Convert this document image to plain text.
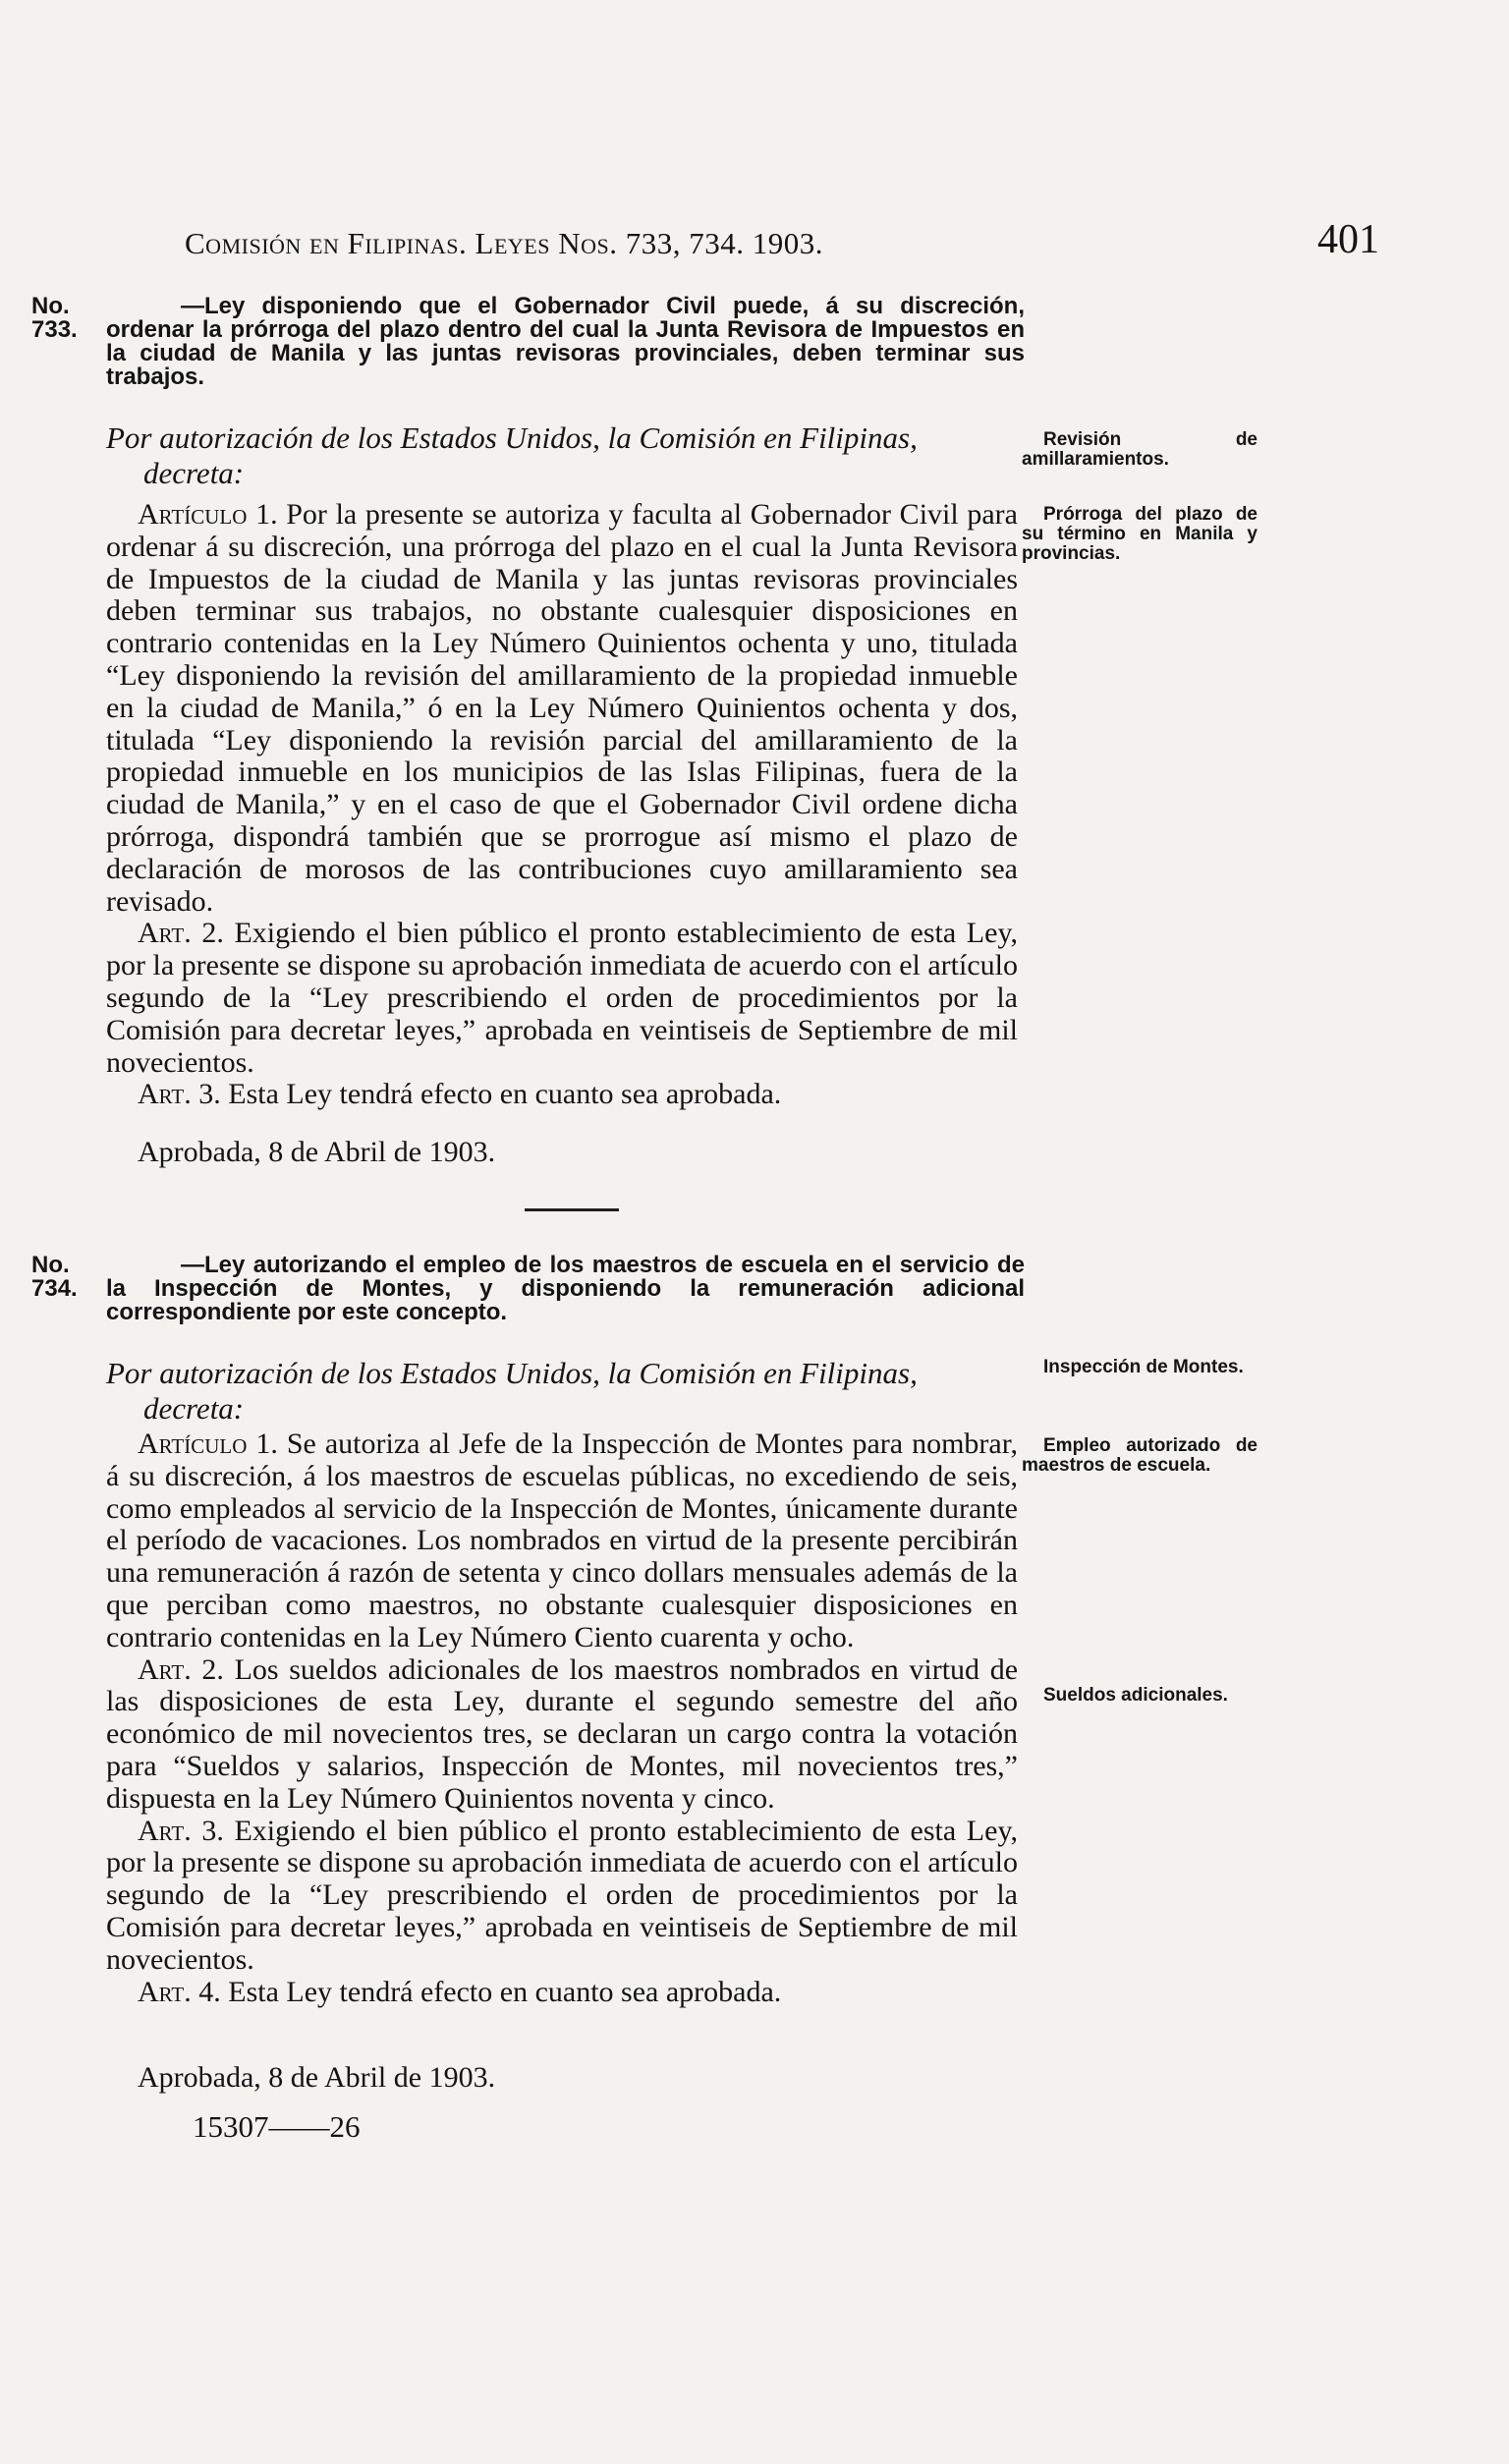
Comisión en Filipinas. Leyes Nos. 733, 734. 1903.	401
No. 733.
—Ley disponiendo que el Gobernador Civil puede, á su discreción, ordenar la prórroga del plazo dentro del cual la Junta Revisora de Impuestos en la ciudad de Manila y las juntas revisoras provinciales, deben terminar sus trabajos.
Por autorización de los Estados Unidos, la Comisión en Filipinas,
decreta:
Revisión de amillaramientos.
Prórroga del plazo de su término en Manila y provincias.

Artículo 1. Por la presente se autoriza y faculta al Gobernador Civil para ordenar á su discreción, una prórroga del plazo en el cual la Junta Revisora de Impuestos de la ciudad de Manila y las juntas revisoras provinciales deben terminar sus trabajos, no obstante cualesquier disposiciones en contrario contenidas en la Ley Número Quinientos ochenta y uno, titulada “Ley disponiendo la revisión del amillaramiento de la propiedad inmueble en la ciudad de Manila,” ó en la Ley Número Quinientos ochenta y dos, titulada “Ley disponiendo la revisión parcial del amillaramiento de la propiedad inmueble en los municipios de las Islas Filipinas, fuera de la ciudad de Manila,” y en el caso de que el Gobernador Civil ordene dicha prórroga, dispondrá también que se prorrogue así mismo el plazo de declaración de morosos de las contribuciones cuyo amillaramiento sea revisado.

Art. 2. Exigiendo el bien público el pronto establecimiento de esta Ley, por la presente se dispone su aprobación inmediata de acuerdo con el artículo segundo de la “Ley prescribiendo el orden de procedimientos por la Comisión para decretar leyes,” aprobada en veintiseis de Septiembre de mil novecientos.

Art. 3. Esta Ley tendrá efecto en cuanto sea aprobada.

Aprobada, 8 de Abril de 1903.
No. 734.
—Ley autorizando el empleo de los maestros de escuela en el servicio de la Inspección de Montes, y disponiendo la remuneración adicional correspondiente por este concepto.
Por autorización de los Estados Unidos, la Comisión en Filipinas,
decreta:
Inspección de Montes.
Empleo autorizado de maestros de escuela.
Sueldos adicionales.

Artículo 1. Se autoriza al Jefe de la Inspección de Montes para nombrar, á su discreción, á los maestros de escuelas públicas, no excediendo de seis, como empleados al servicio de la Inspección de Montes, únicamente durante el período de vacaciones. Los nombrados en virtud de la presente percibirán una remuneración á razón de setenta y cinco dollars mensuales además de la que perciban como maestros, no obstante cualesquier disposiciones en contrario contenidas en la Ley Número Ciento cuarenta y ocho.

Art. 2. Los sueldos adicionales de los maestros nombrados en virtud de las disposiciones de esta Ley, durante el segundo semestre del año económico de mil novecientos tres, se declaran un cargo contra la votación para “Sueldos y salarios, Inspección de Montes, mil novecientos tres,” dispuesta en la Ley Número Quinientos noventa y cinco.

Art. 3. Exigiendo el bien público el pronto establecimiento de esta Ley, por la presente se dispone su aprobación inmediata de acuerdo con el artículo segundo de la “Ley prescribiendo el orden de procedimientos por la Comisión para decretar leyes,” aprobada en veintiseis de Septiembre de mil novecientos.

Art. 4. Esta Ley tendrá efecto en cuanto sea aprobada.

Aprobada, 8 de Abril de 1903.
15307——26
